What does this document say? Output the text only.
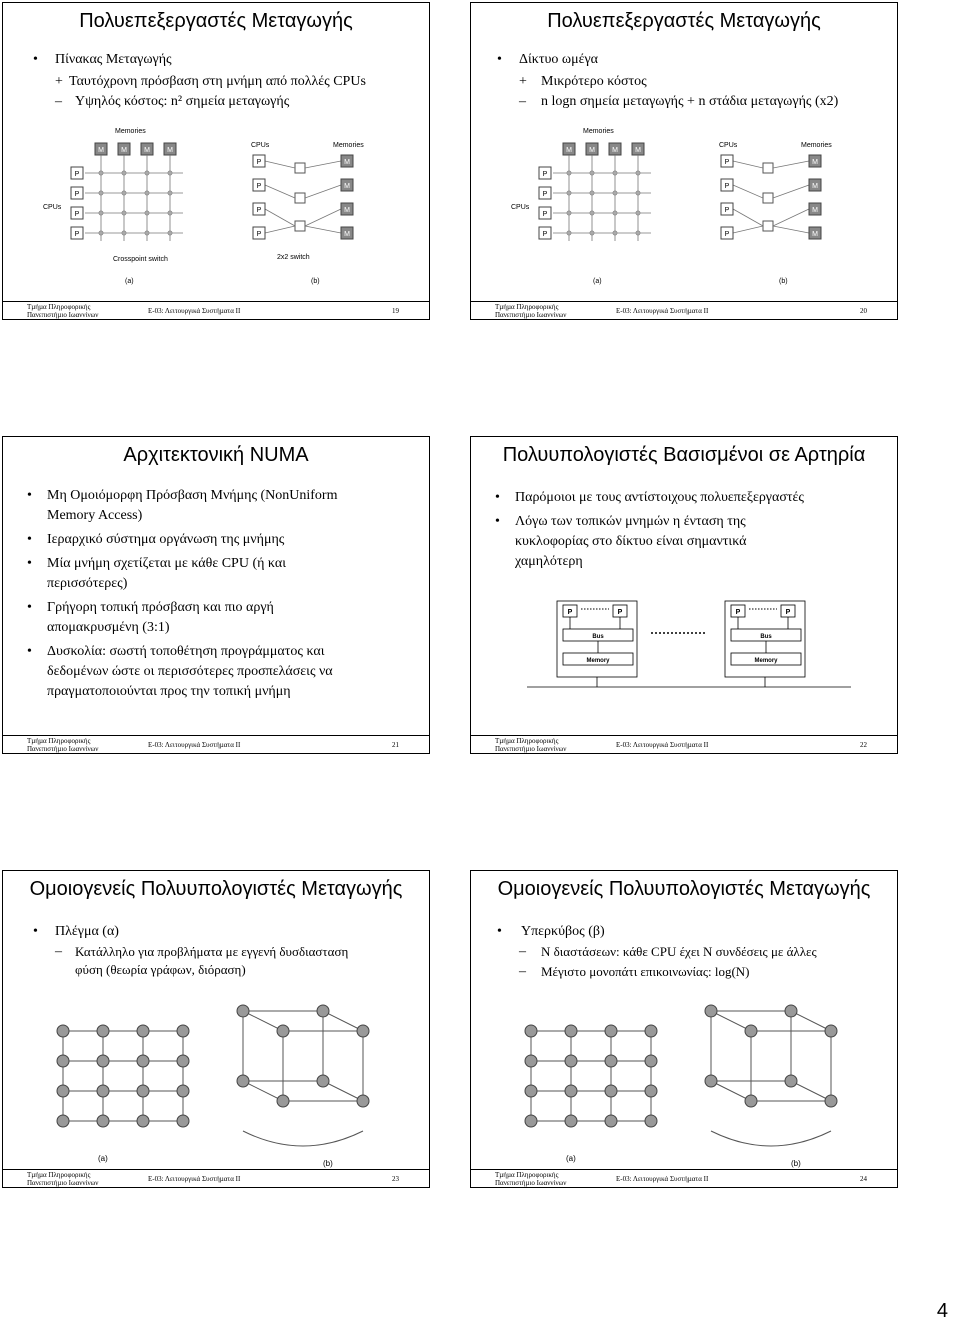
Πολυεπεξεργαστές Μεταγωγής
• Πίνακας Μεταγωγής
+ Ταυτόχρονη πρόσβαση στη μνήμη από πολλές CPUs
– Υψηλός κόστος: n² σημεία μεταγωγής
Memories
M M M M
P
P
P
P
CPUs
Crosspoint switch
(a)
CPUs	Memories
P
P
P
P
M
M
M
M
2x2 switch
(b)
Τµήµα Πληροφορικής
Πανεπιστήµιο Ιωαννίνων	Ε-03: Λειτουργικά Συστήµατα ΙΙ	19
Πολυεπεξεργαστές Μεταγωγής
• Δίκτυο ωμέγα
+ Μικρότερο κόστος
– n logn σημεία μεταγωγής + n στάδια μεταγωγής (x2)
Memories
M M M M
P
P
P
P
CPUs
(a)
CPUs	Memories
P
P
P
P
M
M
M
M
(b)
Τµήµα Πληροφορικής
Πανεπιστήµιο Ιωαννίνων	Ε-03: Λειτουργικά Συστήµατα ΙΙ	20
Αρχιτεκτονική NUMA
• Μη Ομοιόμορφη Πρόσβαση Μνήμης (NonUniform
Memory Access)
• Ιεραρχικό σύστημα οργάνωση της μνήμης
• Μία μνήμη σχετίζεται με κάθε CPU (ή και
περισσότερες)
• Γρήγορη τοπική πρόσβαση και πιο αργή
απομακρυσμένη (3:1)
• Δυσκολία: σωστή τοποθέτηση προγράμματος και
δεδομένων ώστε οι περισσότερες προσπελάσεις να
πραγματοποιούνται προς την τοπική μνήμη
Τµήµα Πληροφορικής
Πανεπιστήµιο Ιωαννίνων	Ε-03: Λειτουργικά Συστήµατα ΙΙ	21
Πολυυπολογιστές Βασισμένοι σε Αρτηρία
• Παρόμοιοι με τους αντίστοιχους πολυεπεξεργαστές
• Λόγω των τοπικών μνημών η ένταση της
κυκλοφορίας στο δίκτυο είναι σημαντικά
χαμηλότερη
P	P	P	P
Bus	Bus
Memory	Memory
Τµήµα Πληροφορικής
Πανεπιστήµιο Ιωαννίνων	Ε-03: Λειτουργικά Συστήµατα ΙΙ	22
Ομοιογενείς Πολυυπολογιστές Μεταγωγής
• Πλέγμα (α)
– Κατάλληλο για προβλήματα με εγγενή δυσδιασταση
φύση (θεωρία γράφων, διόραση)
(a)
(b)
Τµήµα Πληροφορικής
Πανεπιστήµιο Ιωαννίνων	Ε-03: Λειτουργικά Συστήµατα ΙΙ	23
Ομοιογενείς Πολυυπολογιστές Μεταγωγής
• Υπερκύβος (β)
– N διαστάσεων: κάθε CPU έχει N συνδέσεις με άλλες
– Μέγιστο μονοπάτι επικοινωνίας: log(N)
(a)
(b)
Τµήµα Πληροφορικής
Πανεπιστήµιο Ιωαννίνων	Ε-03: Λειτουργικά Συστήµατα ΙΙ	24
4
